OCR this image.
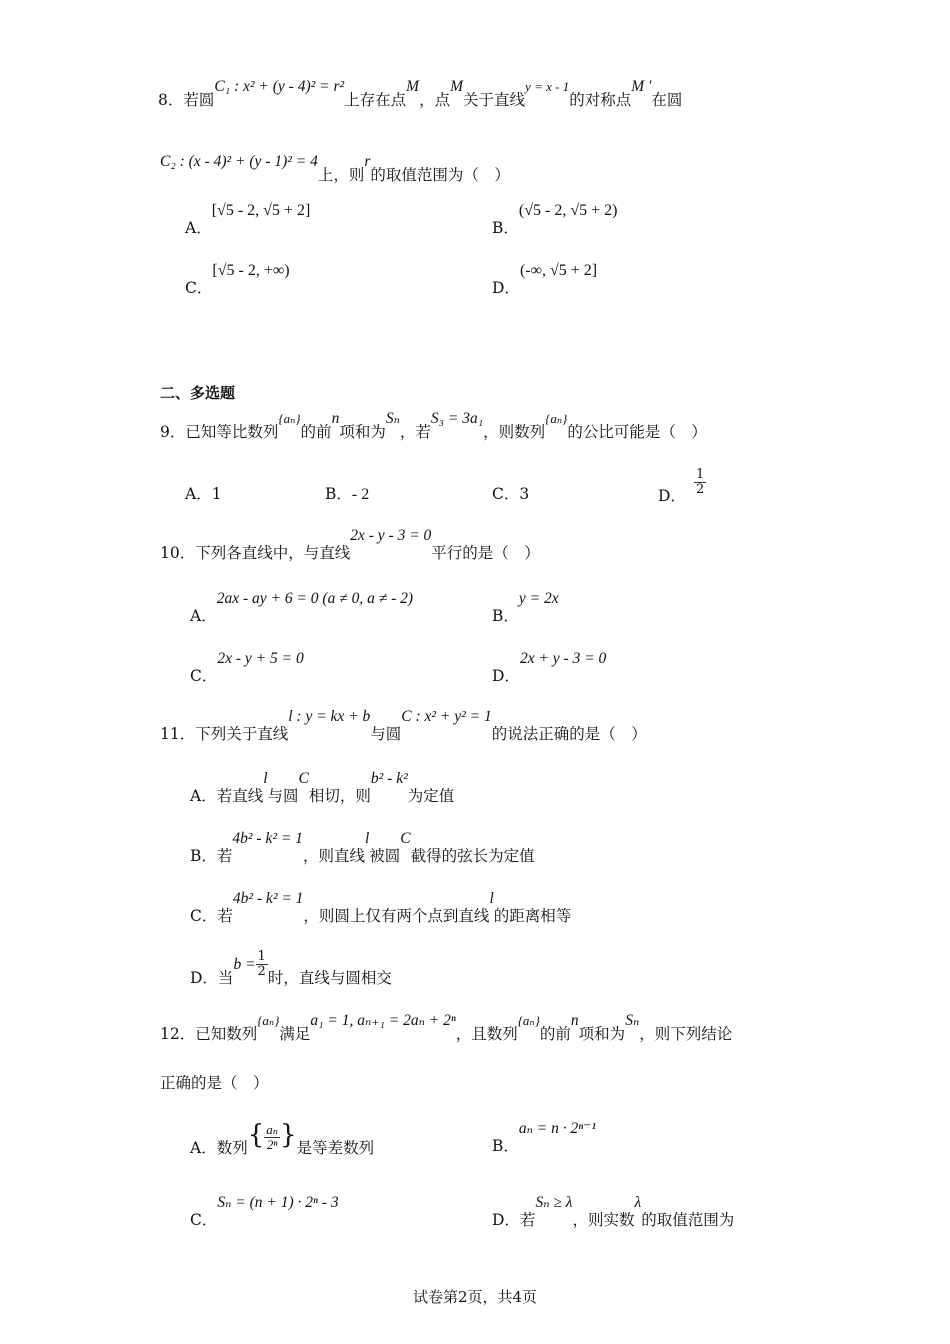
8．若圆C₁ : x² + (y - 4)² = r²上存在点M，点M关于直线$^{y = x - 1}$的对称点M ′在圆
C₂ : (x - 4)² + (y - 1)² = 4上，则r的取值范围为（　）
A．[√5 - 2, √5 + 2]
B．(√5 - 2, √5 + 2)
C．[√5 - 2, +∞)
D．(-∞, √5 + 2]
二、多选题
9．已知等比数列$^{\{a_n\}}$的前n项和为Sₙ，若S₃ = 3a₁，则数列$^{\{a_n\}}$的公比可能是（　）
A．1	B．- 2	C．3	D． $\frac{1}{2}$
10．下列各直线中，与直线2x - y - 3 = 0平行的是（　）
A．2ax - ay + 6 = 0 (a ≠ 0, a ≠ - 2)
B．y = 2x
C．2x - y + 5 = 0
D．2x + y - 3 = 0
11．下列关于直线l : y = kx + b与圆C : x² + y² = 1的说法正确的是（　）
A．若直线l与圆C相切，则b² - k²为定值
B．若4b² - k² = 1，则直线l被圆C截得的弦长为定值
C．若4b² - k² = 1，则圆上仅有两个点到直线l的距离相等
D．当$b = \frac{1}{2}$ 时，直线与圆相交
12．已知数列$^{\{a_n\}}$满足a₁ = 1, aₙ₊₁ = 2aₙ + 2ⁿ，且数列$^{\{a_n\}}$的前n项和为Sₙ，则下列结论
正确的是（　）
A．数列{ $\frac{\text{aₙ}}{\text{2ⁿ}}$ }是等差数列	B．aₙ = n · 2ⁿ⁻¹
C．Sₙ = (n + 1) · 2ⁿ - 3
D．若Sₙ ≥ λ，则实数λ的取值范围为
试卷第2页，共4页
